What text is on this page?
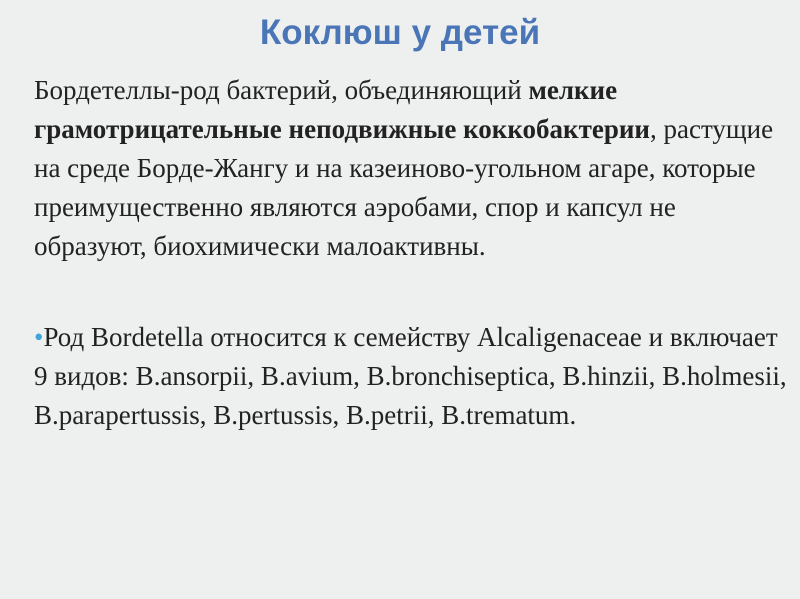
Коклюш у детей
Бордетеллы-род бактерий, объединяющий мелкие грамотрицательные неподвижные коккобактерии, растущие на среде Борде-Жангу и на казеиново-угольном агаре, которые преимущественно являются аэробами, спор и капсул не образуют, биохимически малоактивны.
•Род Bordetella относится к семейству Alcaligenaceae и включает 9 видов: B.ansorpii, B.avium, B.bronchiseptica, B.hinzii, B.holmesii, B.parapertussis, B.pertussis, B.petrii, B.trematum.
